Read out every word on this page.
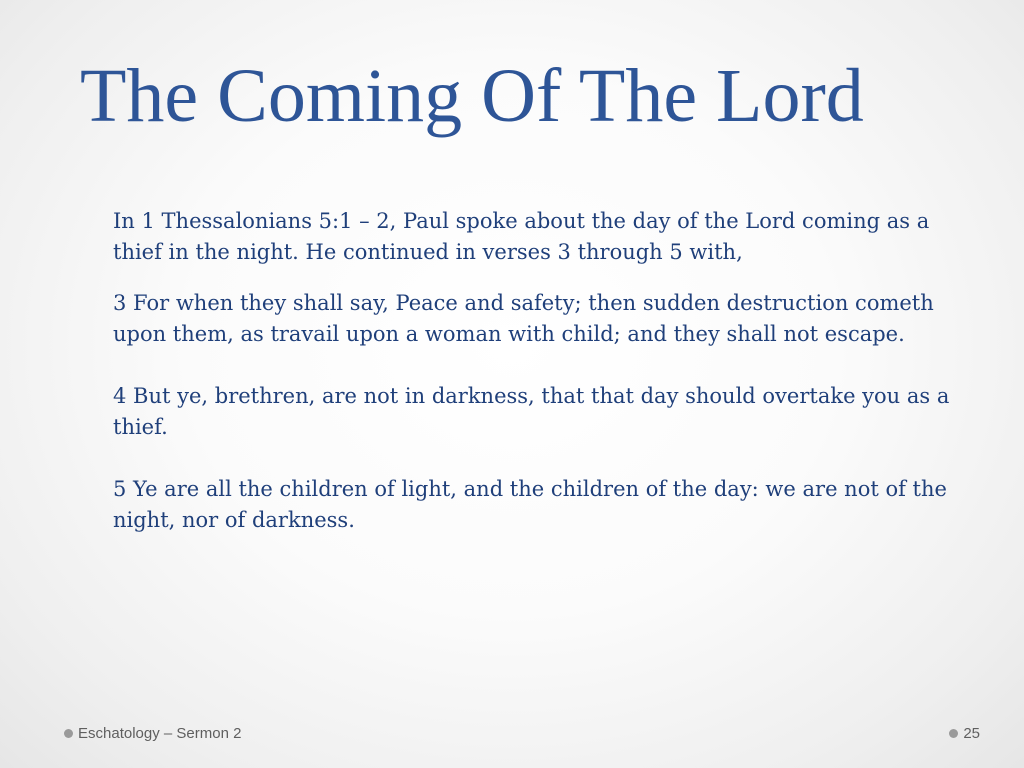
The Coming Of The Lord

In 1 Thessalonians 5:1 – 2, Paul spoke about the day of the Lord coming as a thief in the night. He continued in verses 3 through 5 with,

3 For when they shall say, Peace and safety; then sudden destruction cometh upon them, as travail upon a woman with child; and they shall not escape.

4 But ye, brethren, are not in darkness, that that day should overtake you as a thief.

5 Ye are all the children of light, and the children of the day: we are not of the night, nor of darkness.

Eschatology – Sermon 2	25
